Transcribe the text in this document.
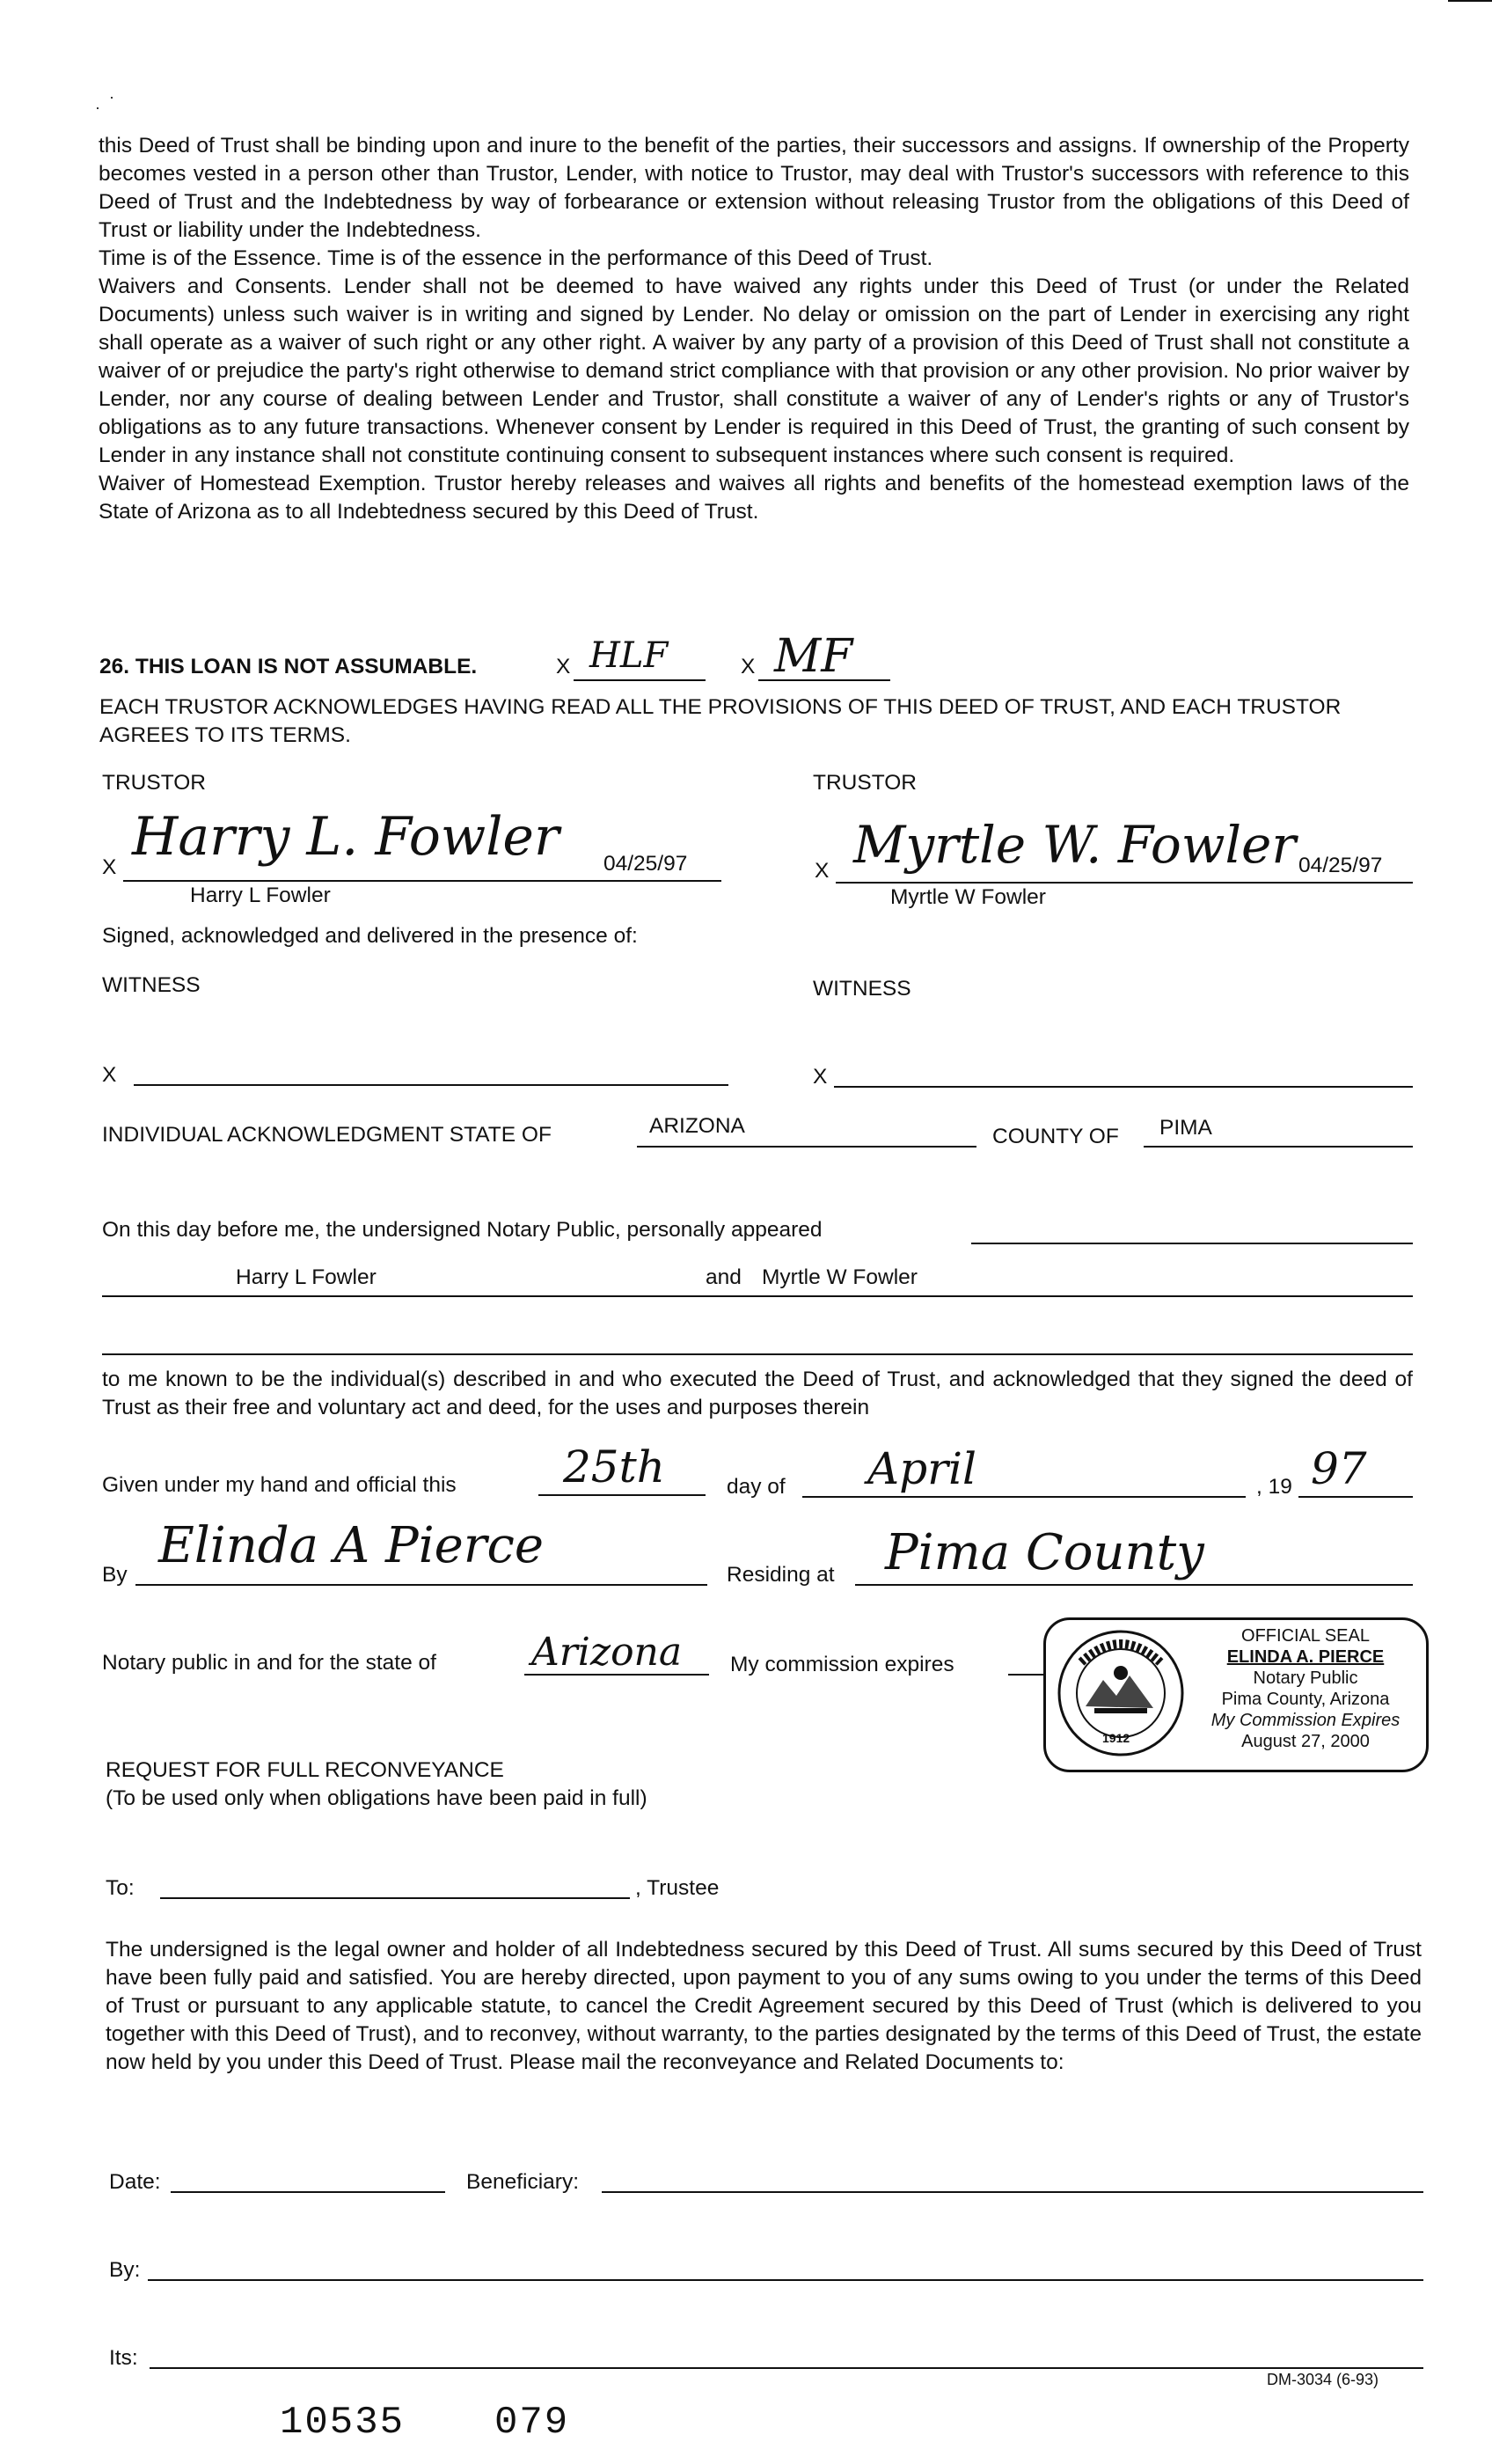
·
·

this Deed of Trust shall be binding upon and inure to the benefit of the parties, their successors and assigns. If ownership of the Property becomes vested in a person other than Trustor, Lender, with notice to Trustor, may deal with Trustor's successors with reference to this Deed of Trust and the Indebtedness by way of forbearance or extension without releasing Trustor from the obligations of this Deed of Trust or liability under the Indebtedness.

Time is of the Essence. Time is of the essence in the performance of this Deed of Trust.

Waivers and Consents. Lender shall not be deemed to have waived any rights under this Deed of Trust (or under the Related Documents) unless such waiver is in writing and signed by Lender. No delay or omission on the part of Lender in exercising any right shall operate as a waiver of such right or any other right. A waiver by any party of a provision of this Deed of Trust shall not constitute a waiver of or prejudice the party's right otherwise to demand strict compliance with that provision or any other provision. No prior waiver by Lender, nor any course of dealing between Lender and Trustor, shall constitute a waiver of any of Lender's rights or any of Trustor's obligations as to any future transactions. Whenever consent by Lender is required in this Deed of Trust, the granting of such consent by Lender in any instance shall not constitute continuing consent to subsequent instances where such consent is required.

Waiver of Homestead Exemption. Trustor hereby releases and waives all rights and benefits of the homestead exemption laws of the State of Arizona as to all Indebtedness secured by this Deed of Trust.

26. THIS LOAN IS NOT ASSUMABLE.	X HLF	X MF
EACH TRUSTOR ACKNOWLEDGES HAVING READ ALL THE PROVISIONS OF THIS DEED OF TRUST, AND EACH TRUSTOR AGREES TO ITS TERMS.
TRUSTOR	TRUSTOR
X Harry L. Fowler 04/25/97
Harry L Fowler
X Myrtle W. Fowler 04/25/97
Myrtle W Fowler
Signed, acknowledged and delivered in the presence of:
WITNESS	WITNESS
X	X
INDIVIDUAL ACKNOWLEDGMENT STATE OF	ARIZONA	COUNTY OF PIMA
On this day before me, the undersigned Notary Public, personally appeared
Harry L Fowler	and Myrtle W Fowler
to me known to be the individual(s) described in and who executed the Deed of Trust, and acknowledged that they signed the deed of Trust as their free and voluntary act and deed, for the uses and purposes therein
Given under my hand and official this 25th	day of April	, 19 97
By
Elinda A Pierce
Residing at Pima County
Notary public in and for the state of Arizona My commission expires
1912
OFFICIAL SEAL
ELINDA A. PIERCE
Notary Public
Pima County, Arizona
My Commission Expires
August 27, 2000
REQUEST FOR FULL RECONVEYANCE
(To be used only when obligations have been paid in full)
To:	, Trustee
The undersigned is the legal owner and holder of all Indebtedness secured by this Deed of Trust. All sums secured by this Deed of Trust have been fully paid and satisfied. You are hereby directed, upon payment to you of any sums owing to you under the terms of this Deed of Trust or pursuant to any applicable statute, to cancel the Credit Agreement secured by this Deed of Trust (which is delivered to you together with this Deed of Trust), and to reconvey, without warranty, to the parties designated by the terms of this Deed of Trust, the estate now held by you under this Deed of Trust. Please mail the reconveyance and Related Documents to:
Date:	Beneficiary:
By:
Its:
DM-3034 (6-93)
10535 079
